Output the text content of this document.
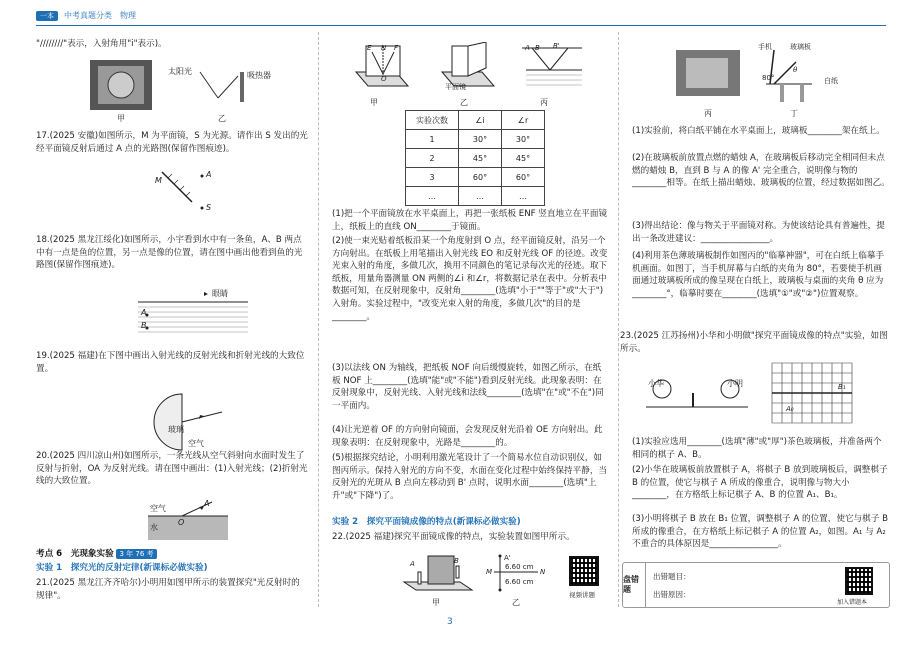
一本	中考真题分类　物理
"////////"表示，入射角用"i"表示)。
太阳光	吸热器
甲	乙
17.(2025 安徽)如图所示，M 为平面镜，S 为光源。请作出 S 发出的光经平面镜反射后通过 A 点的光路图(保留作图痕迹)。
M
A
S
18.(2025 黑龙江绥化)如图所示，小宇看到水中有一条鱼，A、B 两点中有一点是鱼的位置，另一点是像的位置，请在图中画出他看到鱼的光路图(保留作图痕迹)。
眼睛
A
B
19.(2025 福建)在下图中画出入射光线的反射光线和折射光线的大致位置。
玻璃
空气
20.(2025 四川凉山州)如图所示，一条光线从空气斜射向水面时发生了反射与折射，OA 为反射光线。请在图中画出：(1)入射光线；(2)折射光线的大致位置。
空气
水
O
A
考点 6　光现象实验 3 年 76 考
实验 1　探究光的反射定律(新课标必做实验)
21.(2025 黑龙江齐齐哈尔)小明用如图甲所示的装置探究"光反射时的规律"。
E N F
O
B B'
A
平面镜
甲	乙	丙
实验次数	∠i	∠r
1	30°	30°
2	45°	45°
3	60°	60°
…	…	…
(1)把一个平面镜放在水平桌面上，再把一张纸板 ENF 竖直地立在平面镜上，纸板上的直线 ON________于镜面。
(2)使一束光贴着纸板沿某一个角度射到 O 点，经平面镜反射，沿另一个方向射出。在纸板上用笔描出入射光线 EO 和反射光线 OF 的径迹。改变光束入射的角度，多做几次，换用不同颜色的笔记录每次光的径迹。取下纸板，用量角器测量 ON 两侧的∠i 和∠r，将数据记录在表中。分析表中数据可知，在反射现象中，反射角________(选填"小于""等于"或"大于")入射角。实验过程中，"改变光束入射的角度，多做几次"的目的是________。
(3)以法线 ON 为轴线，把纸板 NOF 向后缓慢旋转，如图乙所示，在纸板 NOF 上________(选填"能"或"不能")看到反射光线。此现象表明：在反射现象中，反射光线、入射光线和法线________(选填"在"或"不在")同一平面内。
(4)让光逆着 OF 的方向射向镜面，会发现反射光沿着 OE 方向射出。此现象表明：在反射现象中，光路是________的。
(5)根据探究结论，小明利用激光笔设计了一个简易水位自动识别仪，如图丙所示。保持入射光的方向不变，水面在变化过程中始终保持平静，当反射光的光斑从 B 点向左移动到 B' 点时，说明水面________(选填"上升"或"下降")了。
实验 2　探究平面镜成像的特点(新课标必做实验)
22.(2025 福建)探究平面镜成像的特点，实验装置如图甲所示。
A	B	A'
M	N
6.60 cm
6.60 cm
甲	乙
视频讲题
手机	玻璃板
80°
θ
白纸
丙	丁
(1)实验前，将白纸平铺在水平桌面上，玻璃板________架在纸上。
(2)在玻璃板前放置点燃的蜡烛 A，在玻璃板后移动完全相同但未点燃的蜡烛 B，直到 B 与 A 的像 A' 完全重合，说明像与物的________相等。在纸上描出蜡烛、玻璃板的位置，经过数据如图乙。
(3)得出结论：像与物关于平面镜对称。为使该结论具有普遍性，提出一条改进建议：________________。
(4)利用茶色薄玻璃板制作如图丙的"临摹神器"，可在白纸上临摹手机画面。如图丁，当手机屏幕与白纸的夹角为 80°，若要使手机画面通过玻璃板所成的像呈现在白纸上，玻璃板与桌面的夹角 θ 应为________°，临摹时要在________(选填"①"或"②")位置观察。
23.(2025 江苏扬州)小华和小明做"探究平面镜成像的特点"实验，如图所示。
小华	小明	B₁
A₀
(1)实验应选用________(选填"薄"或"厚")茶色玻璃板，并准备两个相同的棋子 A、B。
(2)小华在玻璃板前放置棋子 A，将棋子 B 放到玻璃板后，调整棋子 B 的位置，使它与棋子 A 所成的像重合，说明像与物大小________，在方格纸上标记棋子 A、B 的位置 A₁、B₁。
(3)小明将棋子 B 放在 B₁ 位置，调整棋子 A 的位置，使它与棋子 B 所成的像重合，在方格纸上标记棋子 A 的位置 A₂，如图。A₁ 与 A₂ 不重合的具体原因是________________。
盘错题
出错题目：
出错原因：
加入错题本
3
